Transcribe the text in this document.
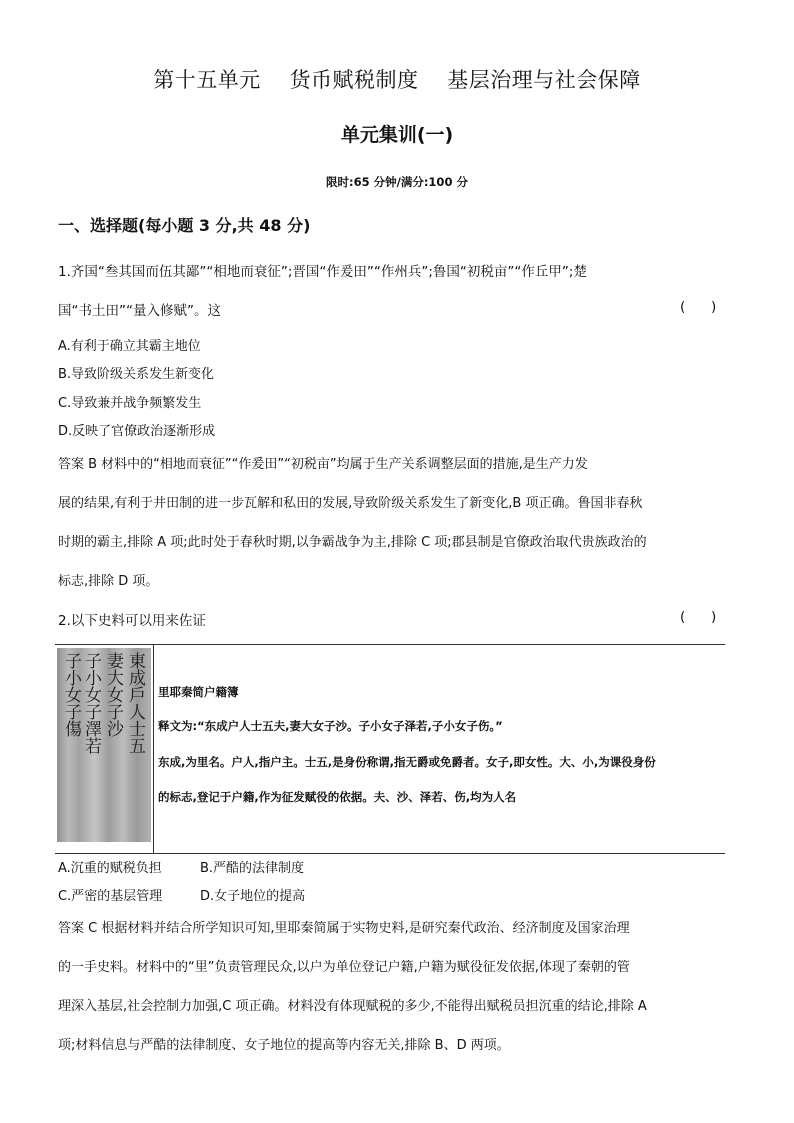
第十五单元    货币赋税制度    基层治理与社会保障
单元集训(一)
限时:65 分钟/满分:100 分
一、选择题(每小题 3 分,共 48 分)
1.齐国“叁其国而伍其鄙”“相地而衰征”;晋国“作爰田”“作州兵”;鲁国“初税亩”“作丘甲”;楚
国“书土田”“量入修赋”。这	(      )
A.有利于确立其霸主地位
B.导致阶级关系发生新变化
C.导致兼并战争频繁发生
D.反映了官僚政治逐渐形成
答案 B 材料中的“相地而衰征”“作爰田”“初税亩”均属于生产关系调整层面的措施,是生产力发
展的结果,有利于井田制的进一步瓦解和私田的发展,导致阶级关系发生了新变化,B 项正确。鲁国非春秋
时期的霸主,排除 A 项;此时处于春秋时期,以争霸战争为主,排除 C 项;郡县制是官僚政治取代贵族政治的
标志,排除 D 项。
2.以下史料可以用来佐证	(      )
東成戶人士五
妻大女子沙
子小女子澤若
子小女子傷	里耶秦简户籍簿
释文为:“东成户人士五夫,妻大女子沙。子小女子泽若,子小女子伤。”
东成,为里名。户人,指户主。士五,是身份称谓,指无爵或免爵者。女子,即女性。大、小,为课役身份
的标志,登记于户籍,作为征发赋役的依据。夫、沙、泽若、伤,均为人名
A.沉重的赋税负担	B.严酷的法律制度
C.严密的基层管理	D.女子地位的提高
答案 C 根据材料并结合所学知识可知,里耶秦简属于实物史料,是研究秦代政治、经济制度及国家治理
的一手史料。材料中的“里”负责管理民众,以户为单位登记户籍,户籍为赋役征发依据,体现了秦朝的管
理深入基层,社会控制力加强,C 项正确。材料没有体现赋税的多少,不能得出赋税员担沉重的结论,排除 A
项;材料信息与严酷的法律制度、女子地位的提高等内容无关,排除 B、D 两项。
